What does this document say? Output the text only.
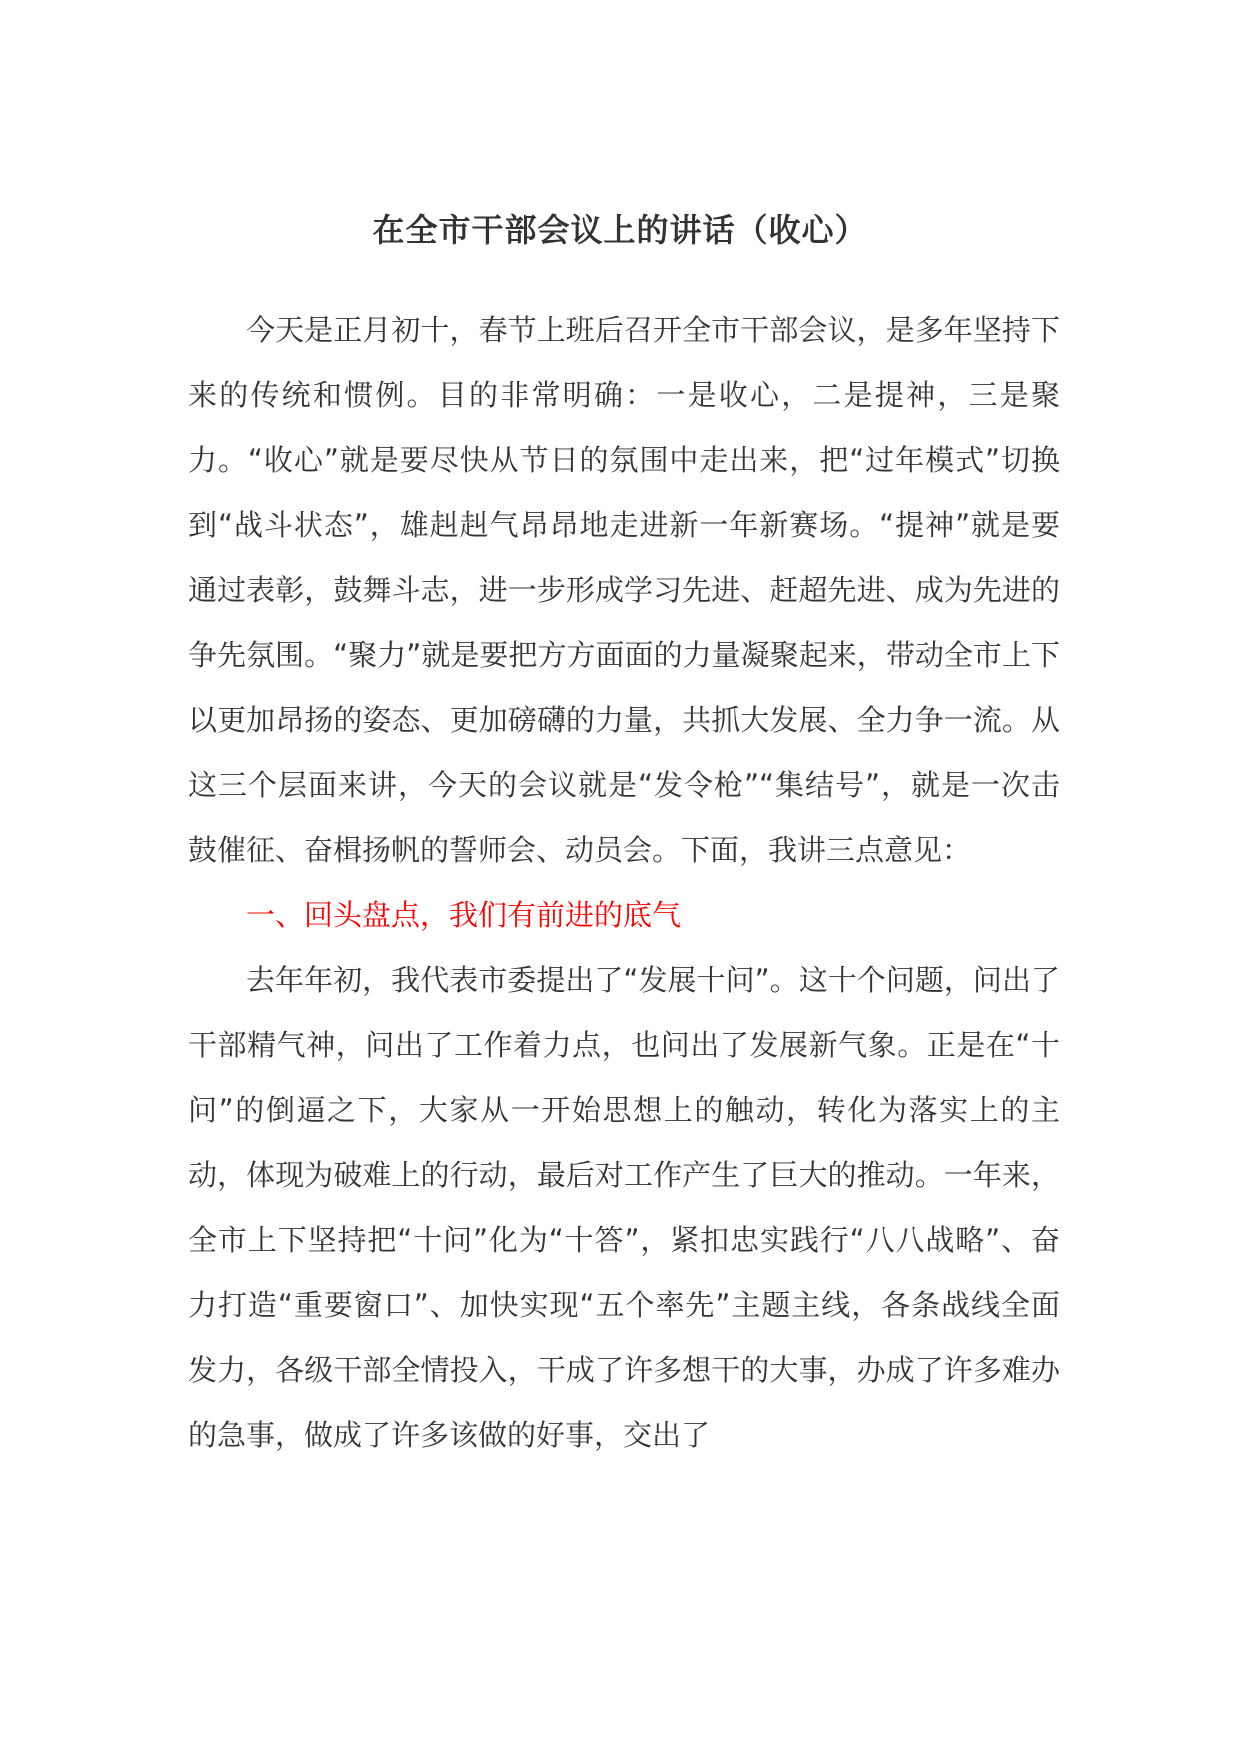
在全市干部会议上的讲话（收心）

今天是正月初十，春节上班后召开全市干部会议，是多年坚持下来的传统和惯例。目的非常明确：一是收心，二是提神，三是聚力。“收心”就是要尽快从节日的氛围中走出来，把“过年模式”切换到“战斗状态”，雄赳赳气昂昂地走进新一年新赛场。“提神”就是要通过表彰，鼓舞斗志，进一步形成学习先进、赶超先进、成为先进的争先氛围。“聚力”就是要把方方面面的力量凝聚起来，带动全市上下以更加昂扬的姿态、更加磅礴的力量，共抓大发展、全力争一流。从这三个层面来讲，今天的会议就是“发令枪”“集结号”，就是一次击鼓催征、奋楫扬帆的誓师会、动员会。下面，我讲三点意见：

一、回头盘点，我们有前进的底气

去年年初，我代表市委提出了“发展十问”。这十个问题，问出了干部精气神，问出了工作着力点，也问出了发展新气象。正是在“十问”的倒逼之下，大家从一开始思想上的触动，转化为落实上的主动，体现为破难上的行动，最后对工作产生了巨大的推动。一年来，全市上下坚持把“十问”化为“十答”，紧扣忠实践行“八八战略”、奋力打造“重要窗口”、加快实现“五个率先”主题主线，各条战线全面发力，各级干部全情投入，干成了许多想干的大事，办成了许多难办的急事，做成了许多该做的好事，交出了
